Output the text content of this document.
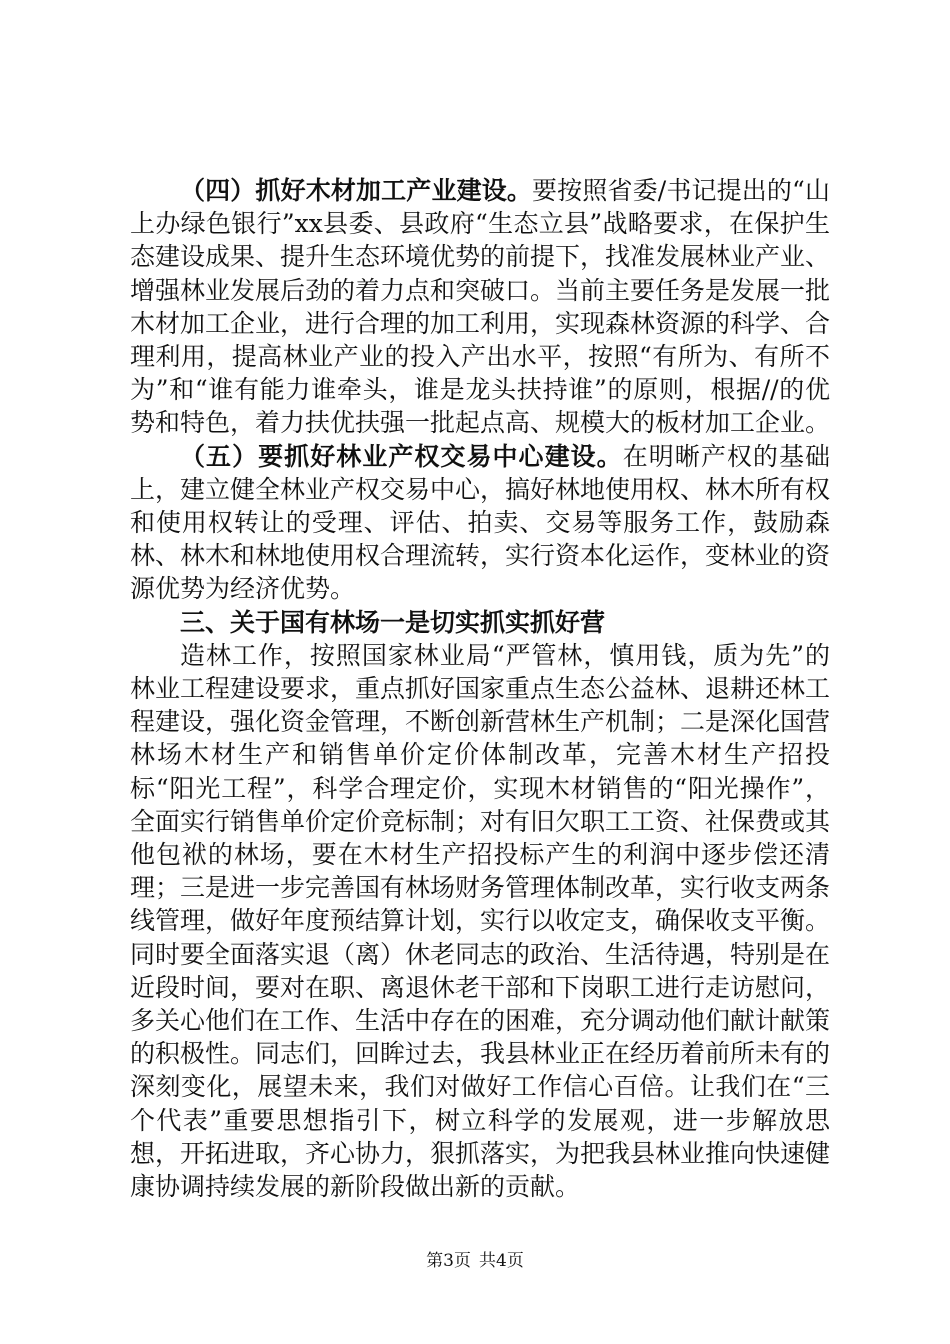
（四）抓好木材加工产业建设。要按照省委/书记提出的“山上办绿色银行”xx县委、县政府“生态立县”战略要求，在保护生态建设成果、提升生态环境优势的前提下，找准发展林业产业、增强林业发展后劲的着力点和突破口。当前主要任务是发展一批木材加工企业，进行合理的加工利用，实现森林资源的科学、合理利用，提高林业产业的投入产出水平，按照“有所为、有所不为”和“谁有能力谁牵头，谁是龙头扶持谁”的原则，根据//的优势和特色，着力扶优扶强一批起点高、规模大的板材加工企业。

（五）要抓好林业产权交易中心建设。在明晰产权的基础上，建立健全林业产权交易中心，搞好林地使用权、林木所有权和使用权转让的受理、评估、拍卖、交易等服务工作，鼓励森林、林木和林地使用权合理流转，实行资本化运作，变林业的资源优势为经济优势。

三、关于国有林场一是切实抓实抓好营

造林工作，按照国家林业局“严管林，慎用钱，质为先”的林业工程建设要求，重点抓好国家重点生态公益林、退耕还林工程建设，强化资金管理，不断创新营林生产机制；二是深化国营林场木材生产和销售单价定价体制改革，完善木材生产招投标“阳光工程”，科学合理定价，实现木材销售的“阳光操作”，全面实行销售单价定价竞标制；对有旧欠职工工资、社保费或其他包袱的林场，要在木材生产招投标产生的利润中逐步偿还清理；三是进一步完善国有林场财务管理体制改革，实行收支两条线管理，做好年度预结算计划，实行以收定支，确保收支平衡。同时要全面落实退（离）休老同志的政治、生活待遇，特别是在近段时间，要对在职、离退休老干部和下岗职工进行走访慰问，多关心他们在工作、生活中存在的困难，充分调动他们献计献策的积极性。同志们，回眸过去，我县林业正在经历着前所未有的深刻变化，展望未来，我们对做好工作信心百倍。让我们在“三个代表”重要思想指引下，树立科学的发展观，进一步解放思想，开拓进取，齐心协力，狠抓落实，为把我县林业推向快速健康协调持续发展的新阶段做出新的贡献。

第3页 共4页
